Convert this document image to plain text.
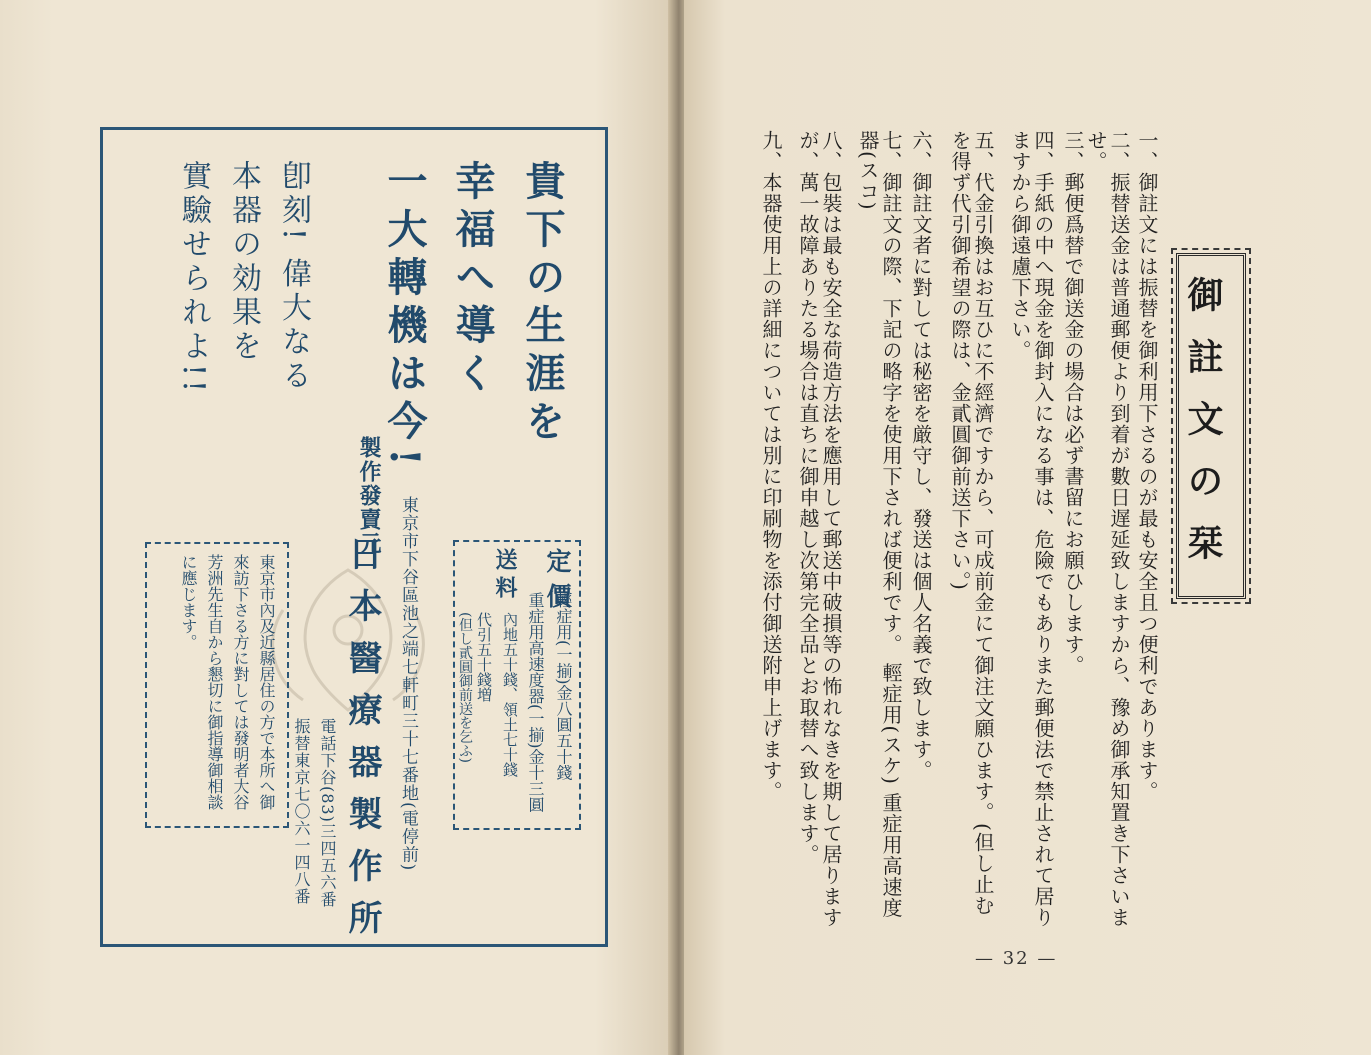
貴下の生涯を
幸福へ導く
一大轉機は今!
卽刻! 偉大なる
本器の効果を
實驗せられよ!!
製作發賣元 東京市下谷區池之端七軒町三十七番地(電停前)
日本醫療器製作所
電話下谷(83)三四五六番
振替東京七〇六一四八番
定價
輕症用(一揃)金八圓五十錢
重症用高速度器(一揃)金十三圓
送料
內地五十錢、領土七十錢
代引五十錢増
(但し貳圓御前送を乞ふ)
東京市內及近縣居住の方で本所へ御來訪下さる方に對しては發明者大谷芳洲先生自から懇切に御指導御相談に應じます。
御註文の栞
一、御註文には振替を御利用下さるのが最も安全且つ便利であります。
二、振替送金は普通郵便より到着が數日遅延致しますから、豫め御承知置き下さいませ。
三、郵便爲替で御送金の場合は必ず書留にお願ひします。
四、手紙の中へ現金を御封入になる事は、危險でもありまた郵便法で禁止されて居りますから御遠慮下さい。
五、代金引換はお互ひに不經濟ですから、可成前金にて御注文願ひます。(但し止むを得ず代引御希望の際は、金貳圓御前送下さい。)
六、御註文者に對しては秘密を厳守し、發送は個人名義で致します。
七、御註文の際、下記の略字を使用下されば便利です。 輕症用(スケ) 重症用高速度器(スコ)
八、包裝は最も安全な荷造方法を應用して郵送中破損等の怖れなきを期して居りますが、萬一故障ありたる場合は直ちに御申越し次第完全品とお取替へ致します。
九、本器使用上の詳細については別に印刷物を添付御送附申上げます。
— 32 —
